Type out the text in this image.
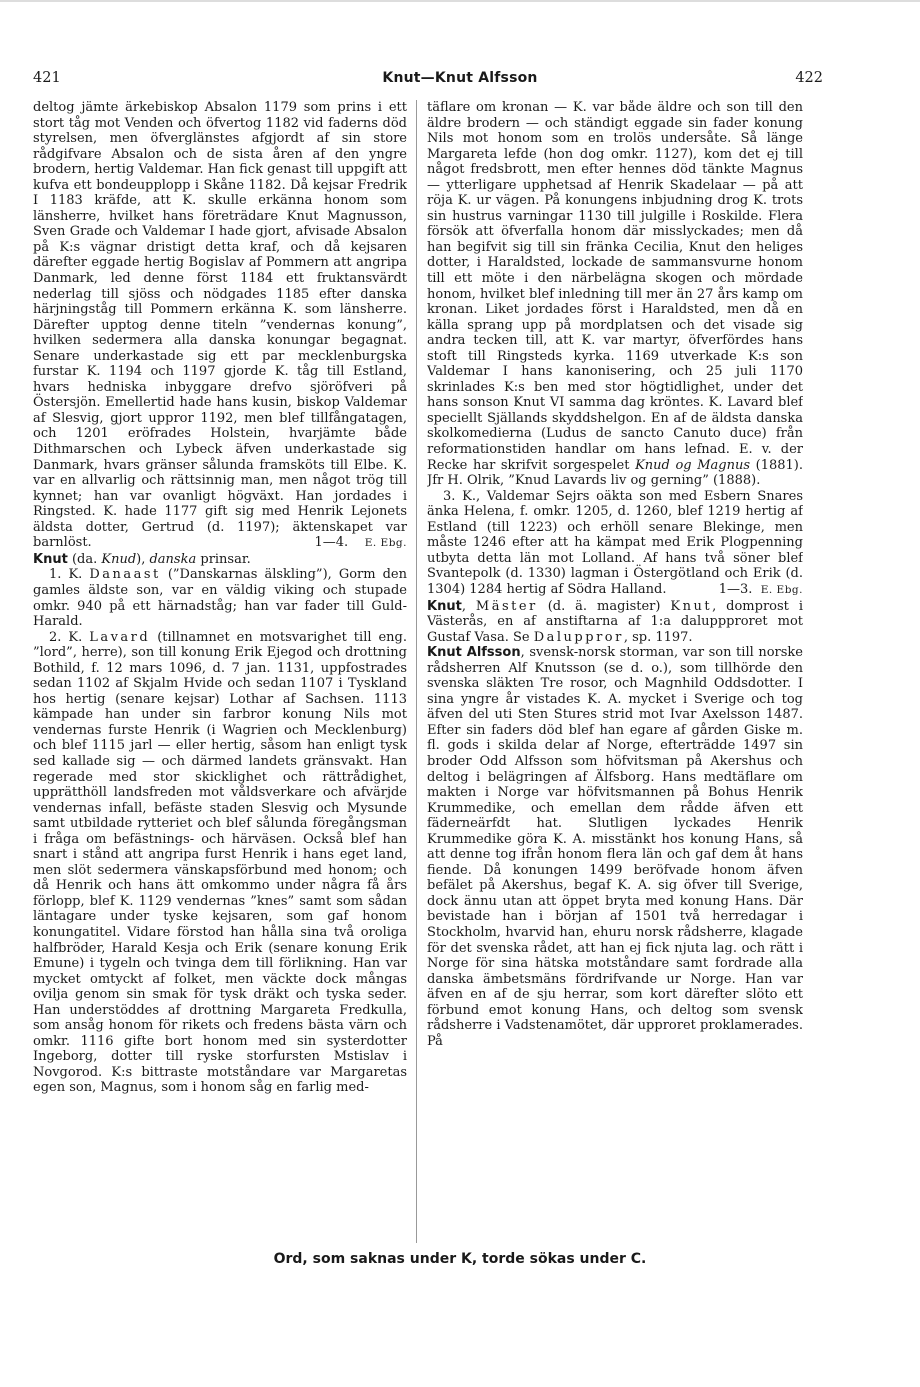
421	Knut—Knut Alfsson	422

deltog jämte ärkebiskop Absalon 1179 som prins i ett stort tåg mot Venden och öfvertog 1182 vid faderns död styrelsen, men öfverglänstes afgjordt af sin store rådgifvare Absalon och de sista åren af den yngre brodern, hertig Valdemar. Han fick genast till uppgift att kufva ett bondeupplopp i Skåne 1182. Då kejsar Fredrik I 1183 kräfde, att K. skulle erkänna honom som länsherre, hvilket hans företrädare Knut Magnusson, Sven Grade och Valdemar I hade gjort, afvisade Absalon på K:s vägnar dristigt detta kraf, och då kejsaren därefter eggade hertig Bogislav af Pommern att angripa Danmark, led denne först 1184 ett fruktansvärdt nederlag till sjöss och nödgades 1185 efter danska härjningståg till Pommern erkänna K. som länsherre. Därefter upptog denne titeln ”vendernas konung”, hvilken sedermera alla danska konungar begagnat. Senare underkastade sig ett par mecklenburgska furstar K. 1194 och 1197 gjorde K. tåg till Estland, hvars hedniska inbyggare drefvo sjöröfveri på Östersjön. Emellertid hade hans kusin, biskop Valdemar af Slesvig, gjort uppror 1192, men blef tillfångatagen, och 1201 eröfrades Holstein, hvarjämte både Dithmarschen och Lybeck äfven underkastade sig Danmark, hvars gränser sålunda framsköts till Elbe. K. var en allvarlig och rättsinnig man, men något trög till kynnet; han var ovanligt högväxt. Han jordades i Ringsted. K. hade 1177 gift sig med Henrik Lejonets äldsta dotter, Gertrud (d. 1197); äktenskapet var barnlöst.	1—4. E. Ebg.

Knut (da. Knud), danska prinsar.

1. K. Danaast (”Danskarnas älskling”), Gorm den gamles äldste son, var en väldig viking och stupade omkr. 940 på ett härnadståg; han var fader till Guld-Harald.

2. K. Lavard (tillnamnet en motsvarighet till eng. ”lord”, herre), son till konung Erik Ejegod och drottning Bothild, f. 12 mars 1096, d. 7 jan. 1131, uppfostrades sedan 1102 af Skjalm Hvide och sedan 1107 i Tyskland hos hertig (senare kejsar) Lothar af Sachsen. 1113 kämpade han under sin farbror konung Nils mot vendernas furste Henrik (i Wagrien och Mecklenburg) och blef 1115 jarl — eller hertig, såsom han enligt tysk sed kallade sig — och därmed landets gränsvakt. Han regerade med stor skicklighet och rättrådighet, upprätthöll landsfreden mot våldsverkare och afvärjde vendernas infall, befäste staden Slesvig och Mysunde samt utbildade rytteriet och blef sålunda föregångsman i fråga om befästnings- och härväsen. Också blef han snart i stånd att angripa furst Henrik i hans eget land, men slöt sedermera vänskapsförbund med honom; och då Henrik och hans ätt omkommo under några få års förlopp, blef K. 1129 vendernas ”knes” samt som sådan läntagare under tyske kejsaren, som gaf honom konungatitel. Vidare förstod han hålla sina två oroliga halfbröder, Harald Kesja och Erik (senare konung Erik Emune) i tygeln och tvinga dem till förlikning. Han var mycket omtyckt af folket, men väckte dock mångas ovilja genom sin smak för tysk dräkt och tyska seder. Han understöddes af drottning Margareta Fredkulla, som ansåg honom för rikets och fredens bästa värn och omkr. 1116 gifte bort honom med sin systerdotter Ingeborg, dotter till ryske storfursten Mstislav i Novgorod. K:s bittraste motståndare var Margaretas egen son, Magnus, som i honom såg en farlig med-

täflare om kronan — K. var både äldre och son till den äldre brodern — och ständigt eggade sin fader konung Nils mot honom som en trolös undersåte. Så länge Margareta lefde (hon dog omkr. 1127), kom det ej till något fredsbrott, men efter hennes död tänkte Magnus — ytterligare upphetsad af Henrik Skadelaar — på att röja K. ur vägen. På konungens inbjudning drog K. trots sin hustrus varningar 1130 till julgille i Roskilde. Flera försök att öfverfalla honom där misslyckades; men då han begifvit sig till sin fränka Cecilia, Knut den heliges dotter, i Haraldsted, lockade de sammansvurne honom till ett möte i den närbelägna skogen och mördade honom, hvilket blef inledning till mer än 27 års kamp om kronan. Liket jordades först i Haraldsted, men då en källa sprang upp på mordplatsen och det visade sig andra tecken till, att K. var martyr, öfverfördes hans stoft till Ringsteds kyrka. 1169 utverkade K:s son Valdemar I hans kanonisering, och 25 juli 1170 skrinlades K:s ben med stor högtidlighet, under det hans sonson Knut VI samma dag kröntes. K. Lavard blef speciellt Själlands skyddshelgon. En af de äldsta danska skolkomedierna (Ludus de sancto Canuto duce) från reformationstiden handlar om hans lefnad. E. v. der Recke har skrifvit sorgespelet Knud og Magnus (1881). Jfr H. Olrik, ”Knud Lavards liv og gerning” (1888).

3. K., Valdemar Sejrs oäkta son med Esbern Snares änka Helena, f. omkr. 1205, d. 1260, blef 1219 hertig af Estland (till 1223) och erhöll senare Blekinge, men måste 1246 efter att ha kämpat med Erik Plogpenning utbyta detta län mot Lolland. Af hans två söner blef Svantepolk (d. 1330) lagman i Östergötland och Erik (d. 1304) 1284 hertig af Södra Halland.	1—3. E. Ebg.

Knut, Mäster (d. ä. magister) Knut, domprost i Västerås, en af anstiftarna af 1:a daluppproret mot Gustaf Vasa. Se Daluppror, sp. 1197.

Knut Alfsson, svensk-norsk storman, var son till norske rådsherren Alf Knutsson (se d. o.), som tillhörde den svenska släkten Tre rosor, och Magnhild Oddsdotter. I sina yngre år vistades K. A. mycket i Sverige och tog äfven del uti Sten Stures strid mot Ivar Axelsson 1487. Efter sin faders död blef han egare af gården Giske m. fl. gods i skilda delar af Norge, efterträdde 1497 sin broder Odd Alfsson som höfvitsman på Akershus och deltog i belägringen af Älfsborg. Hans medtäflare om makten i Norge var höfvitsmannen på Bohus Henrik Krummedike, och emellan dem rådde äfven ett fäderneärfdt hat. Slutligen lyckades Henrik Krummedike göra K. A. misstänkt hos konung Hans, så att denne tog ifrån honom flera län och gaf dem åt hans fiende. Då konungen 1499 beröfvade honom äfven befälet på Akershus, begaf K. A. sig öfver till Sverige, dock ännu utan att öppet bryta med konung Hans. Där bevistade han i början af 1501 två herredagar i Stockholm, hvarvid han, ehuru norsk rådsherre, klagade för det svenska rådet, att han ej fick njuta lag. och rätt i Norge för sina hätska motståndare samt fordrade alla danska ämbetsmäns fördrifvande ur Norge. Han var äfven en af de sju herrar, som kort därefter slöto ett förbund emot konung Hans, och deltog som svensk rådsherre i Vadstenamötet, där upproret proklamerades. På

Ord, som saknas under K, torde sökas under C.
